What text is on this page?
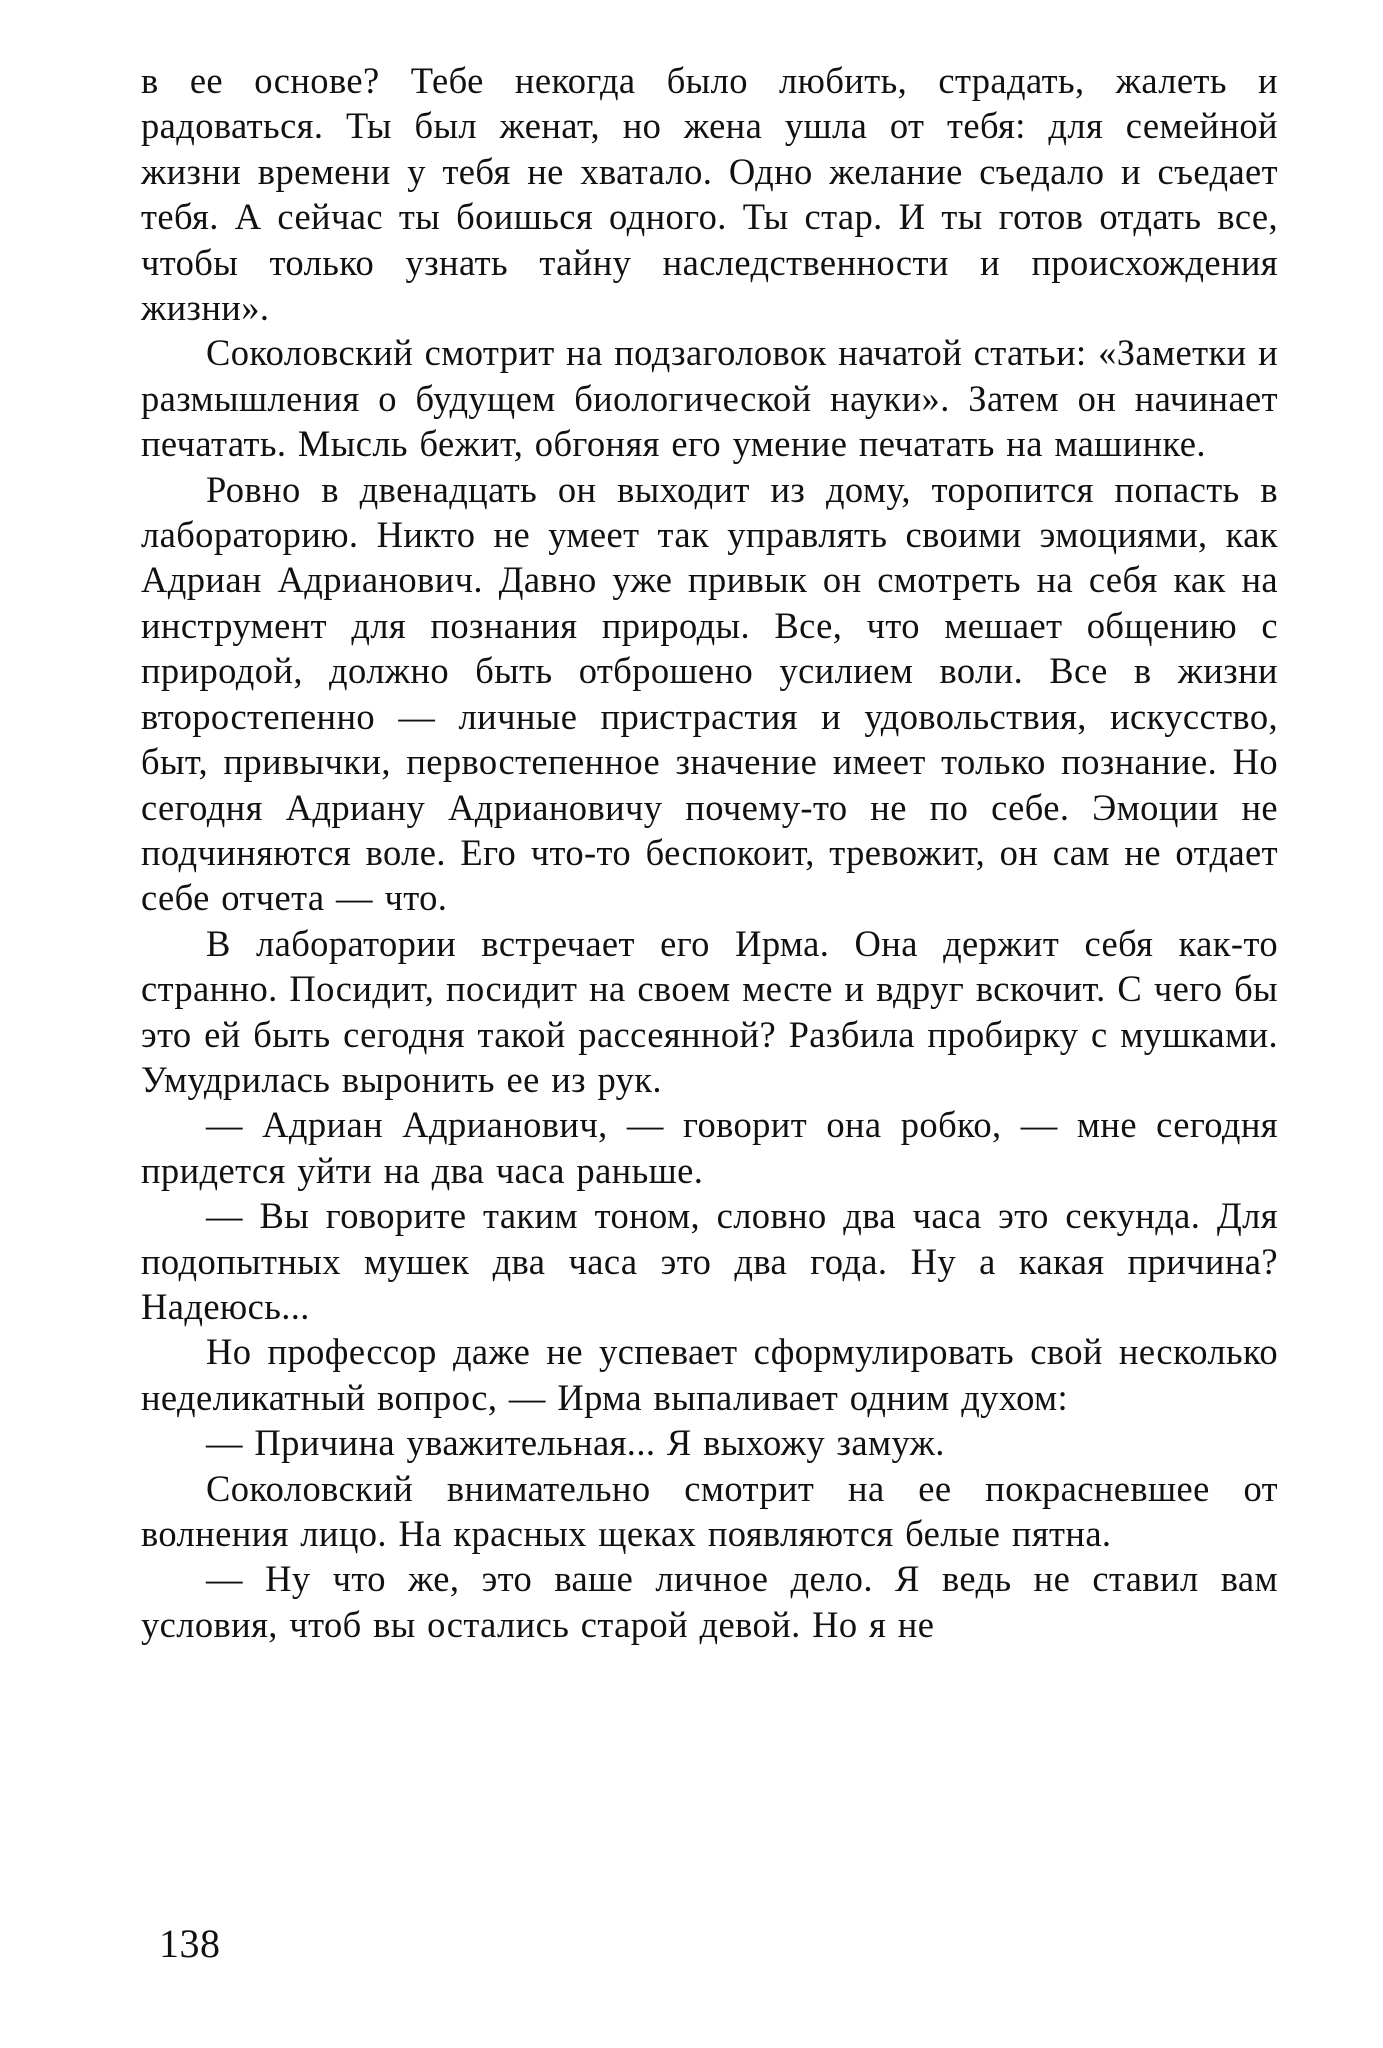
в ее основе? Тебе некогда было любить, страдать, жалеть и радоваться. Ты был женат, но жена ушла от тебя: для семейной жизни времени у тебя не хватало. Одно желание съедало и съедает тебя. А сейчас ты боишься одного. Ты стар. И ты готов отдать все, чтобы только узнать тайну наследственности и происхождения жизни».

Соколовский смотрит на подзаголовок начатой статьи: «Заметки и размышления о будущем биологической науки». Затем он начинает печатать. Мысль бежит, обгоняя его умение печатать на машинке.

Ровно в двенадцать он выходит из дому, торопится попасть в лабораторию. Никто не умеет так управлять своими эмоциями, как Адриан Адрианович. Давно уже привык он смотреть на себя как на инструмент для познания природы. Все, что мешает общению с природой, должно быть отброшено усилием воли. Все в жизни второстепенно — личные пристрастия и удовольствия, искусство, быт, привычки, первостепенное значение имеет только познание. Но сегодня Адриану Адриановичу почему-то не по себе. Эмоции не подчиняются воле. Его что-то беспокоит, тревожит, он сам не отдает себе отчета — что.

В лаборатории встречает его Ирма. Она держит себя как-то странно. Посидит, посидит на своем месте и вдруг вскочит. С чего бы это ей быть сегодня такой рассеянной? Разбила пробирку с мушками. Умудрилась выронить ее из рук.

— Адриан Адрианович, — говорит она робко, — мне сегодня придется уйти на два часа раньше.

— Вы говорите таким тоном, словно два часа это секунда. Для подопытных мушек два часа это два года. Ну а какая причина? Надеюсь...

Но профессор даже не успевает сформулировать свой несколько неделикатный вопрос, — Ирма выпаливает одним духом:

— Причина уважительная... Я выхожу замуж.

Соколовский внимательно смотрит на ее покрасневшее от волнения лицо. На красных щеках появляются белые пятна.

— Ну что же, это ваше личное дело. Я ведь не ставил вам условия, чтоб вы остались старой девой. Но я не

138
